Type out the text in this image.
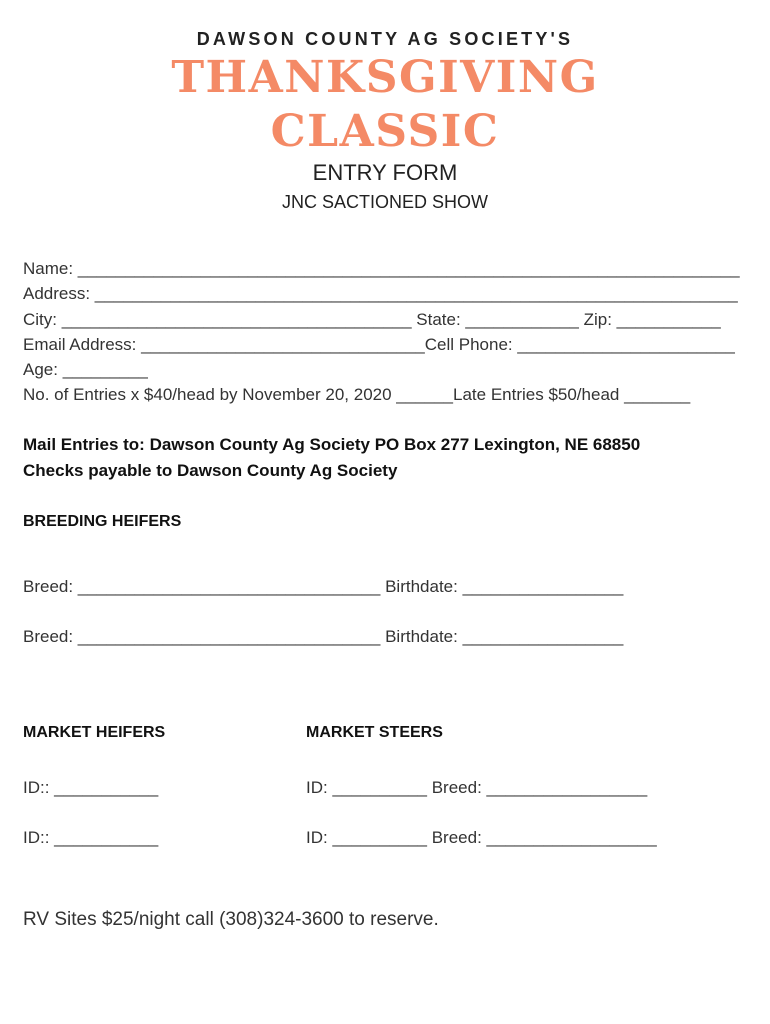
DAWSON COUNTY AG SOCIETY'S
THANKSGIVING
CLASSIC
ENTRY FORM
JNC SACTIONED SHOW
Name: ______________________________________________________________________
Address: ____________________________________________________________________
City: _____________________________________ State: ____________ Zip: ___________
Email Address: ______________________________Cell Phone: _______________________
Age: _________
No. of Entries x $40/head by November 20, 2020 ______Late Entries $50/head _______
Mail Entries to: Dawson County Ag Society PO Box 277 Lexington, NE 68850
Checks payable to Dawson County Ag Society
BREEDING HEIFERS
Breed: ________________________________ Birthdate: _________________
Breed: ________________________________ Birthdate: _________________
MARKET HEIFERS	MARKET STEERS
ID:: ___________	ID: __________ Breed: _________________
ID:: ___________	ID: __________ Breed: __________________
RV Sites $25/night call (308)324-3600 to reserve.
